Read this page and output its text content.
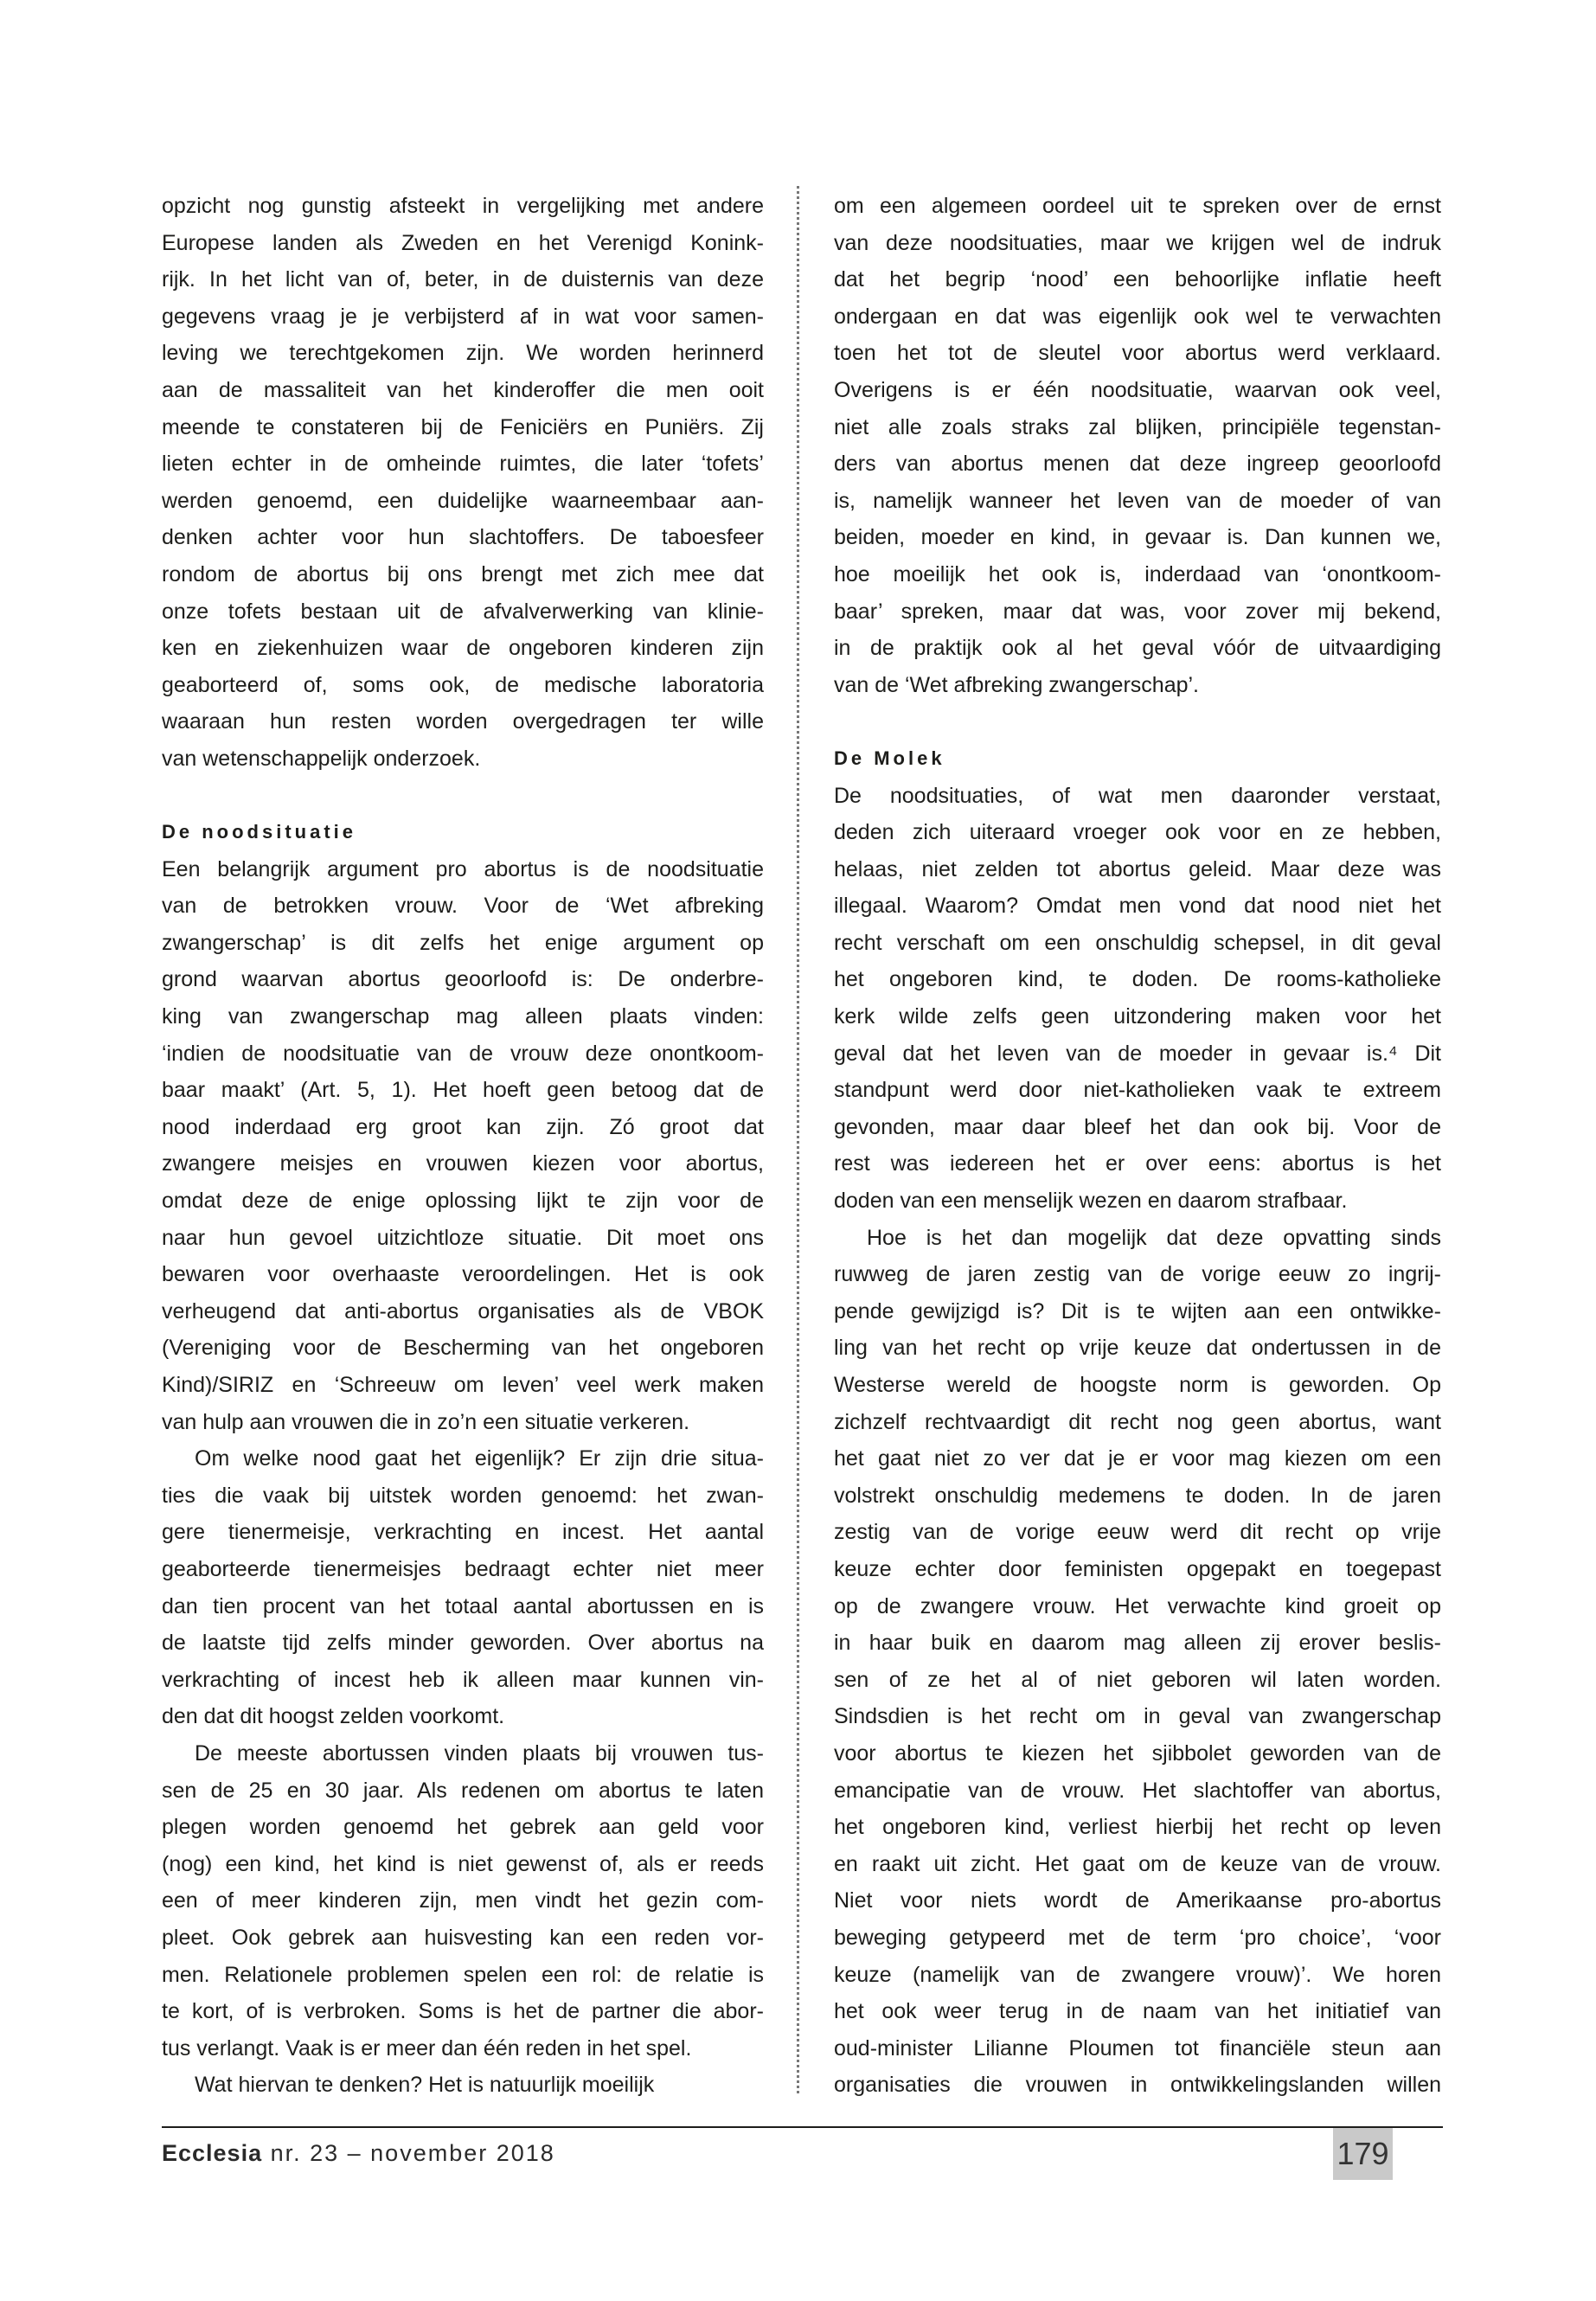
opzicht nog gunstig afsteekt in vergelijking met andere
Europese landen als Zweden en het Verenigd Konink-
rijk. In het licht van of, beter, in de duisternis van deze
gegevens vraag je je verbijsterd af in wat voor samen-
leving we terechtgekomen zijn. We worden herinnerd
aan de massaliteit van het kinderoffer die men ooit
meende te constateren bij de Feniciërs en Puniërs. Zij
lieten echter in de omheinde ruimtes, die later ‘tofets’
werden genoemd, een duidelijke waarneembaar aan-
denken achter voor hun slachtoffers. De taboesfeer
rondom de abortus bij ons brengt met zich mee dat
onze tofets bestaan uit de afvalverwerking van klinie-
ken en ziekenhuizen waar de ongeboren kinderen zijn
geaborteerd of, soms ook, de medische laboratoria
waaraan hun resten worden overgedragen ter wille
van wetenschappelijk onderzoek.
De noodsituatie
Een belangrijk argument pro abortus is de noodsituatie
van de betrokken vrouw. Voor de ‘Wet afbreking
zwangerschap’ is dit zelfs het enige argument op
grond waarvan abortus geoorloofd is: De onderbre-
king van zwangerschap mag alleen plaats vinden:
‘indien de noodsituatie van de vrouw deze onontkoom-
baar maakt’ (Art. 5, 1). Het hoeft geen betoog dat de
nood inderdaad erg groot kan zijn. Zó groot dat
zwangere meisjes en vrouwen kiezen voor abortus,
omdat deze de enige oplossing lijkt te zijn voor de
naar hun gevoel uitzichtloze situatie. Dit moet ons
bewaren voor overhaaste veroordelingen. Het is ook
verheugend dat anti-abortus organisaties als de VBOK
(Vereniging voor de Bescherming van het ongeboren
Kind)/SIRIZ en ‘Schreeuw om leven’ veel werk maken
van hulp aan vrouwen die in zo’n een situatie verkeren.
Om welke nood gaat het eigenlijk? Er zijn drie situa-
ties die vaak bij uitstek worden genoemd: het zwan-
gere tienermeisje, verkrachting en incest. Het aantal
geaborteerde tienermeisjes bedraagt echter niet meer
dan tien procent van het totaal aantal abortussen en is
de laatste tijd zelfs minder geworden. Over abortus na
verkrachting of incest heb ik alleen maar kunnen vin-
den dat dit hoogst zelden voorkomt.
De meeste abortussen vinden plaats bij vrouwen tus-
sen de 25 en 30 jaar. Als redenen om abortus te laten
plegen worden genoemd het gebrek aan geld voor
(nog) een kind, het kind is niet gewenst of, als er reeds
een of meer kinderen zijn, men vindt het gezin com-
pleet. Ook gebrek aan huisvesting kan een reden vor-
men. Relationele problemen spelen een rol: de relatie is
te kort, of is verbroken. Soms is het de partner die abor-
tus verlangt. Vaak is er meer dan één reden in het spel.
Wat hiervan te denken? Het is natuurlijk moeilijk
om een algemeen oordeel uit te spreken over de ernst
van deze noodsituaties, maar we krijgen wel de indruk
dat het begrip ‘nood’ een behoorlijke inflatie heeft
ondergaan en dat was eigenlijk ook wel te verwachten
toen het tot de sleutel voor abortus werd verklaard.
Overigens is er één noodsituatie, waarvan ook veel,
niet alle zoals straks zal blijken, principiële tegenstan-
ders van abortus menen dat deze ingreep geoorloofd
is, namelijk wanneer het leven van de moeder of van
beiden, moeder en kind, in gevaar is. Dan kunnen we,
hoe moeilijk het ook is, inderdaad van ‘onontkoom-
baar’ spreken, maar dat was, voor zover mij bekend,
in de praktijk ook al het geval vóór de uitvaardiging
van de ‘Wet afbreking zwangerschap’.
De Molek
De noodsituaties, of wat men daaronder verstaat,
deden zich uiteraard vroeger ook voor en ze hebben,
helaas, niet zelden tot abortus geleid. Maar deze was
illegaal. Waarom? Omdat men vond dat nood niet het
recht verschaft om een onschuldig schepsel, in dit geval
het ongeboren kind, te doden. De rooms-katholieke
kerk wilde zelfs geen uitzondering maken voor het
geval dat het leven van de moeder in gevaar is.⁴ Dit
standpunt werd door niet-katholieken vaak te extreem
gevonden, maar daar bleef het dan ook bij. Voor de
rest was iedereen het er over eens: abortus is het
doden van een menselijk wezen en daarom strafbaar.
Hoe is het dan mogelijk dat deze opvatting sinds
ruwweg de jaren zestig van de vorige eeuw zo ingrij-
pende gewijzigd is? Dit is te wijten aan een ontwikke-
ling van het recht op vrije keuze dat ondertussen in de
Westerse wereld de hoogste norm is geworden. Op
zichzelf rechtvaardigt dit recht nog geen abortus, want
het gaat niet zo ver dat je er voor mag kiezen om een
volstrekt onschuldig medemens te doden. In de jaren
zestig van de vorige eeuw werd dit recht op vrije
keuze echter door feministen opgepakt en toegepast
op de zwangere vrouw. Het verwachte kind groeit op
in haar buik en daarom mag alleen zij erover beslis-
sen of ze het al of niet geboren wil laten worden.
Sindsdien is het recht om in geval van zwangerschap
voor abortus te kiezen het sjibbolet geworden van de
emancipatie van de vrouw. Het slachtoffer van abortus,
het ongeboren kind, verliest hierbij het recht op leven
en raakt uit zicht. Het gaat om de keuze van de vrouw.
Niet voor niets wordt de Amerikaanse pro-abortus
beweging getypeerd met de term ‘pro choice’, ‘voor
keuze (namelijk van de zwangere vrouw)’. We horen
het ook weer terug in de naam van het initiatief van
oud-minister Lilianne Ploumen tot financiële steun aan
organisaties die vrouwen in ontwikkelingslanden willen
Ecclesia nr. 23 – november 2018	179
